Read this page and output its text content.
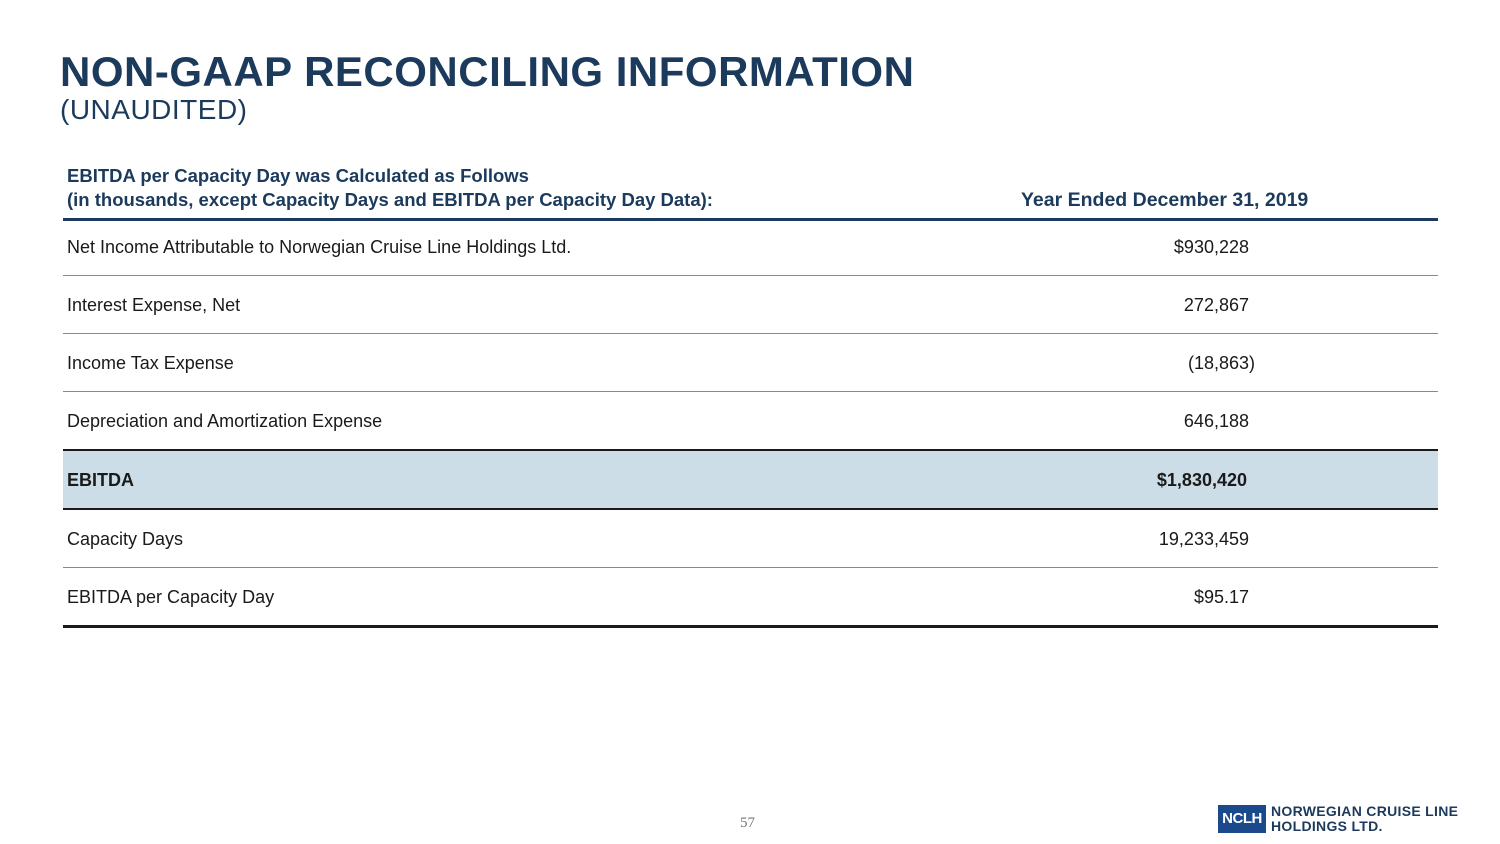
NON-GAAP RECONCILING INFORMATION
(UNAUDITED)
EBITDA per Capacity Day was Calculated as Follows
(in thousands, except Capacity Days and EBITDA per Capacity Day Data):	Year Ended December 31, 2019
Net Income Attributable to Norwegian Cruise Line Holdings Ltd.	$930,228
Interest Expense, Net	272,867
Income Tax Expense	(18,863)
Depreciation and Amortization Expense	646,188
EBITDA	$1,830,420
Capacity Days	19,233,459
EBITDA per Capacity Day	$95.17
57	NCLH NORWEGIAN CRUISE LINE
HOLDINGS LTD.
